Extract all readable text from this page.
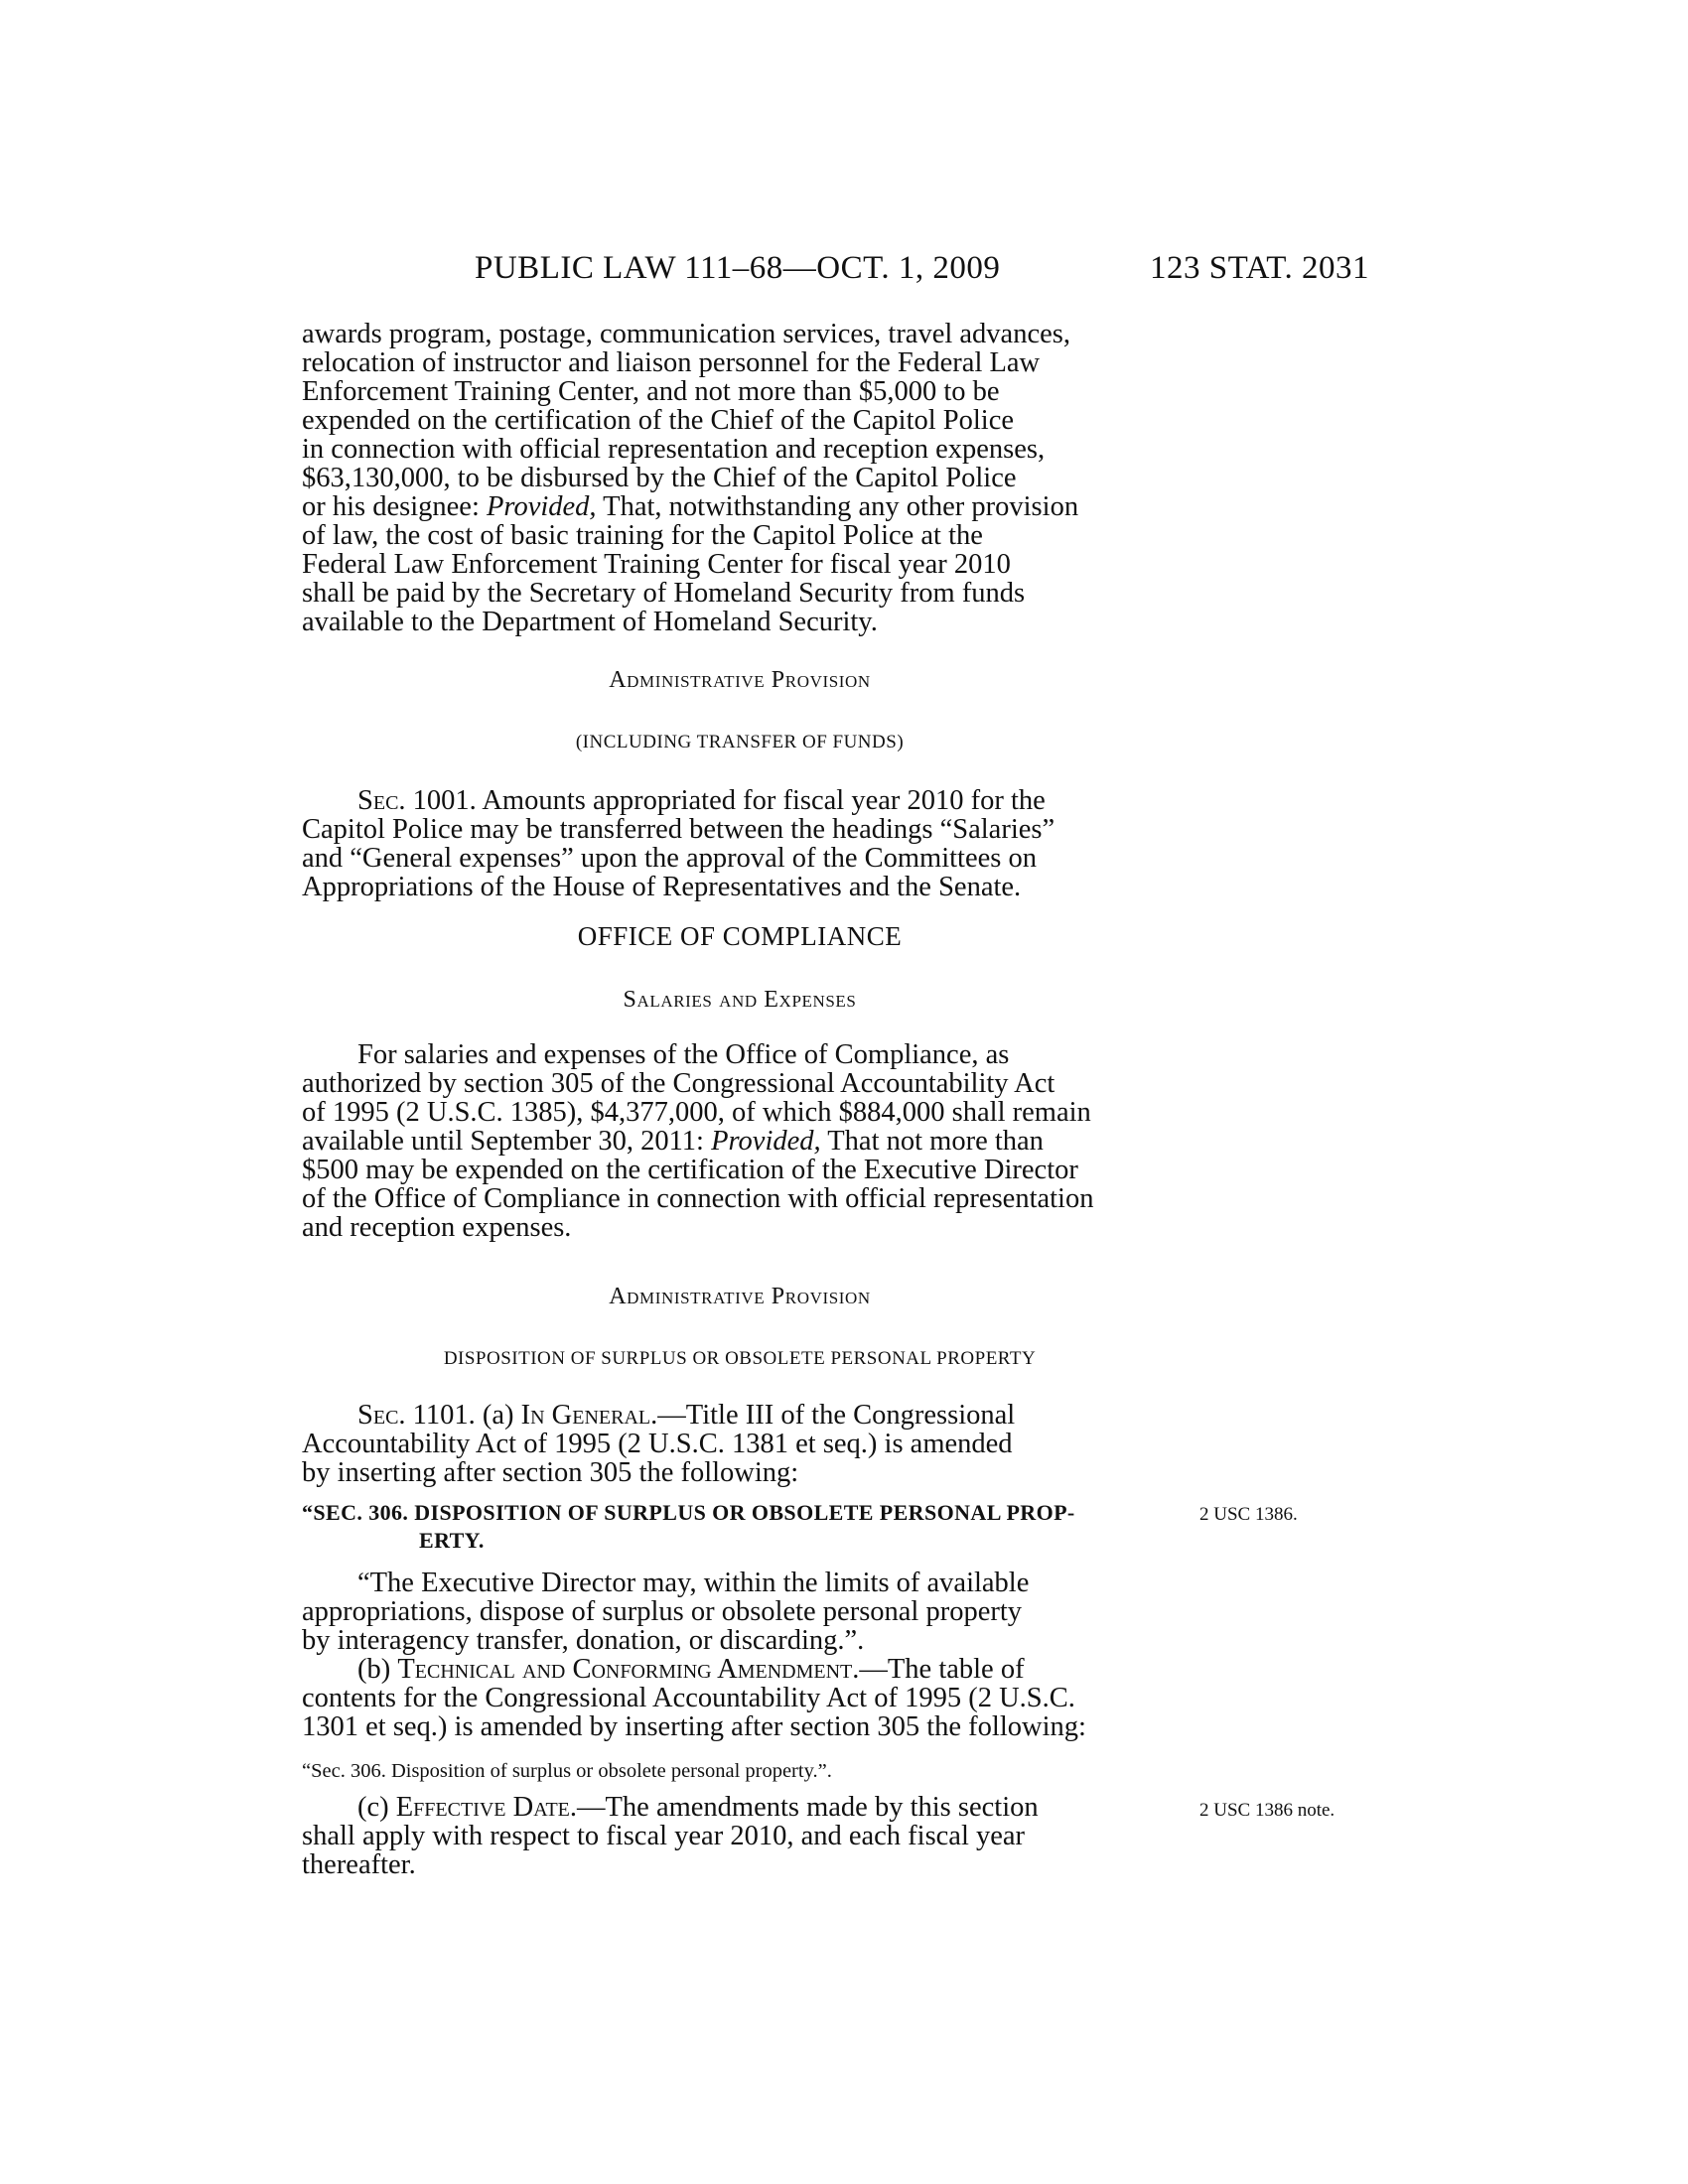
PUBLIC LAW 111–68—OCT. 1, 2009	123 STAT. 2031

awards program, postage, communication services, travel advances,

relocation of instructor and liaison personnel for the Federal Law

Enforcement Training Center, and not more than $5,000 to be

expended on the certification of the Chief of the Capitol Police

in connection with official representation and reception expenses,

$63,130,000, to be disbursed by the Chief of the Capitol Police

or his designee: Provided, That, notwithstanding any other provision

of law, the cost of basic training for the Capitol Police at the

Federal Law Enforcement Training Center for fiscal year 2010

shall be paid by the Secretary of Homeland Security from funds

available to the Department of Homeland Security.

Administrative Provision

(INCLUDING TRANSFER OF FUNDS)

Sec. 1001. Amounts appropriated for fiscal year 2010 for the

Capitol Police may be transferred between the headings “Salaries”

and “General expenses” upon the approval of the Committees on

Appropriations of the House of Representatives and the Senate.

OFFICE OF COMPLIANCE

Salaries and Expenses

For salaries and expenses of the Office of Compliance, as

authorized by section 305 of the Congressional Accountability Act

of 1995 (2 U.S.C. 1385), $4,377,000, of which $884,000 shall remain

available until September 30, 2011: Provided, That not more than

$500 may be expended on the certification of the Executive Director

of the Office of Compliance in connection with official representation

and reception expenses.

Administrative Provision

DISPOSITION OF SURPLUS OR OBSOLETE PERSONAL PROPERTY

Sec. 1101. (a) In General.—Title III of the Congressional

Accountability Act of 1995 (2 U.S.C. 1381 et seq.) is amended

by inserting after section 305 the following:

“SEC. 306. DISPOSITION OF SURPLUS OR OBSOLETE PERSONAL PROP-
ERTY.
2 USC 1386.

“The Executive Director may, within the limits of available

appropriations, dispose of surplus or obsolete personal property

by interagency transfer, donation, or discarding.”.

(b) Technical and Conforming Amendment.—The table of

contents for the Congressional Accountability Act of 1995 (2 U.S.C.

1301 et seq.) is amended by inserting after section 305 the following:

“Sec. 306. Disposition of surplus or obsolete personal property.”.

(c) Effective Date.—The amendments made by this section

shall apply with respect to fiscal year 2010, and each fiscal year

thereafter.

2 USC 1386 note.
